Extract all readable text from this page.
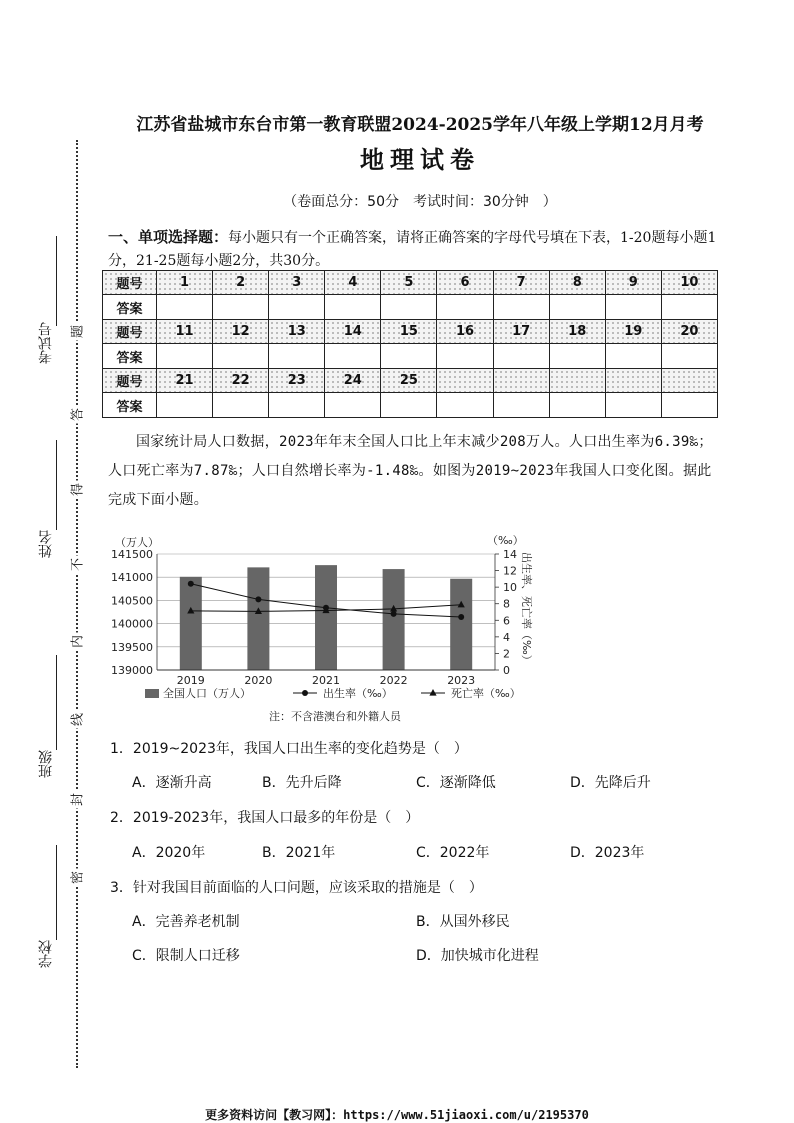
考试号
姓名
班级
学校
题
答
得
不
内
线
封
密
江苏省盐城市东台市第一教育联盟2024-2025学年八年级上学期12月月考
地理试卷
（卷面总分：50分　考试时间：30分钟　）
一、单项选择题：每小题只有一个正确答案，请将正确答案的字母代号填在下表，1-20题每小题1分，21-25题每小题2分，共30分。
题号	1	2	3	4	5	6	7	8	9	10
答案										
题号	11	12	13	14	15	16	17	18	19	20
答案										
题号	21	22	23	24	25					
答案										
国家统计局人口数据，2023年年末全国人口比上年末减少208万人。人口出生率为6.39‰；人口死亡率为7.87‰；人口自然增长率为-1.48‰。如图为2019~2023年我国人口变化图。据此完成下面小题。
141500
141000
140500
140000
139500
139000
14
12
10
8
6
4
2
0
（万人）	（‰）
出生率、死亡率（‰）
2019	2020	2021	2022	2023
全国人口（万人）	出生率（‰）	死亡率（‰）
注：不含港澳台和外籍人员
1．2019~2023年，我国人口出生率的变化趋势是（　）
A．逐渐升高	B．先升后降	C．逐渐降低	D．先降后升
2．2019-2023年，我国人口最多的年份是（　）
A．2020年	B．2021年	C．2022年	D．2023年
3．针对我国目前面临的人口问题，应该采取的措施是（　）
A．完善养老机制	B．从国外移民
C．限制人口迁移	D．加快城市化进程
更多资料访问【教习网】：https://www.51jiaoxi.com/u/2195370
